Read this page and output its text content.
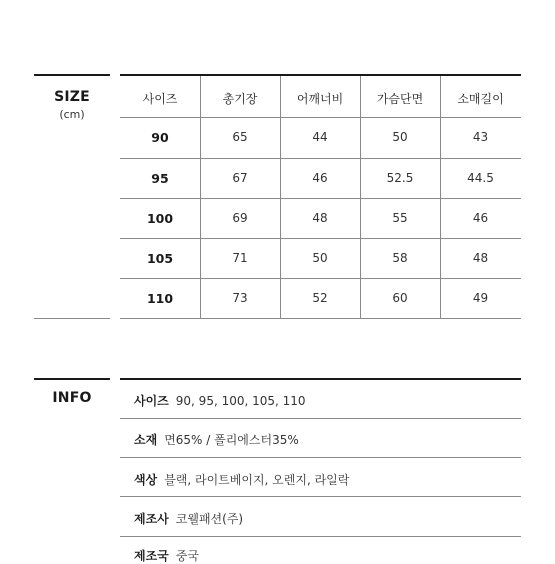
SIZE
(cm)
사이즈	총기장	어깨너비	가슴단면	소매길이
90	65	44	50	43
95	67	46	52.5	44.5
100	69	48	55	46
105	71	50	58	48
110	73	52	60	49
INFO	사이즈 90, 95, 100, 105, 110
소재 면65% / 폴리에스터35%
색상 블랙, 라이트베이지, 오렌지, 라일락
제조사 코웰패션(주)
제조국 중국
